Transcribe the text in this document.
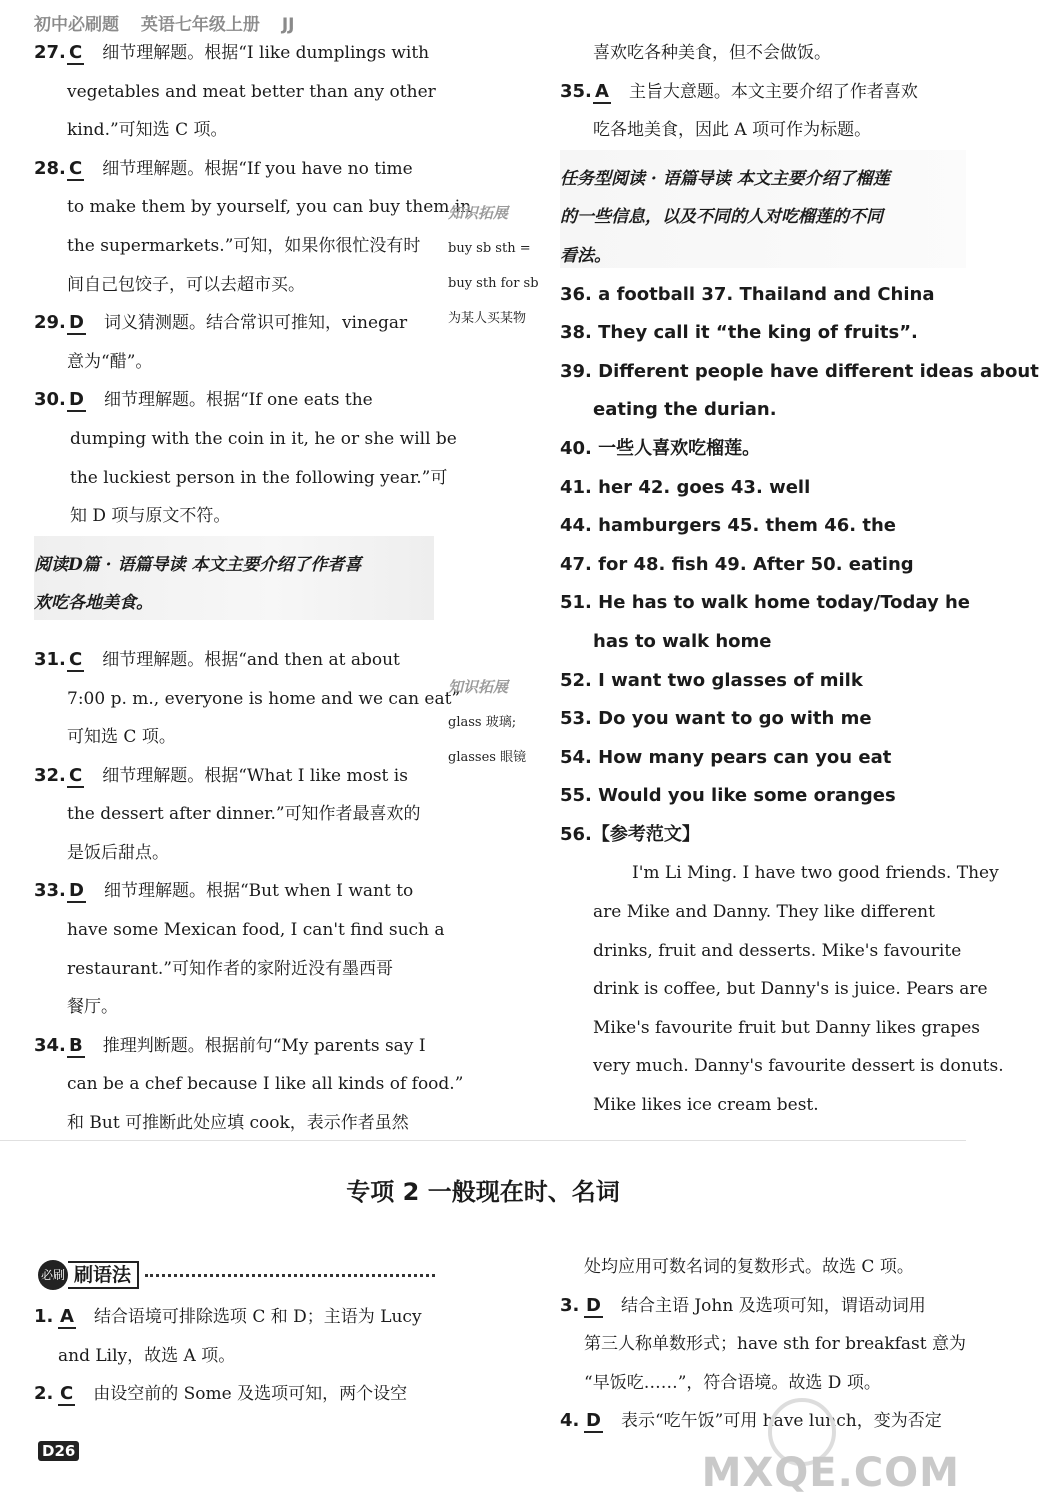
初中必刷题 英语七年级上册 JJ
27. C 细节理解题。根据“I like dumplings with
vegetables and meat better than any other
kind.”可知选 C 项。
28. C 细节理解题。根据“If you have no time
to make them by yourself, you can buy them in
the supermarkets.”可知，如果你很忙没有时
间自己包饺子，可以去超市买。
29. D 词义猜测题。结合常识可推知，vinegar
意为“醋”。
30. D 细节理解题。根据“If one eats the
dumping with the coin in it, he or she will be
the luckiest person in the following year.”可
知 D 项与原文不符。
阅读D篇 · 语篇导读 本文主要介绍了作者喜
欢吃各地美食。
31. C 细节理解题。根据“and then at about
7:00 p. m., everyone is home and we can eat”
可知选 C 项。
32. C 细节理解题。根据“What I like most is
the dessert after dinner.”可知作者最喜欢的
是饭后甜点。
33. D 细节理解题。根据“But when I want to
have some Mexican food, I can't find such a
restaurant.”可知作者的家附近没有墨西哥
餐厅。
34. B 推理判断题。根据前句“My parents say I
can be a chef because I like all kinds of food.”
和 But 可推断此处应填 cook，表示作者虽然
知识拓展
buy sb sth =
buy sth for sb
为某人买某物
知识拓展
glass 玻璃;
glasses 眼镜
喜欢吃各种美食，但不会做饭。
35. A 主旨大意题。本文主要介绍了作者喜欢
吃各地美食，因此 A 项可作为标题。
任务型阅读 · 语篇导读 本文主要介绍了榴莲
的一些信息，以及不同的人对吃榴莲的不同
看法。
36. a football 37. Thailand and China
38. They call it “the king of fruits”.
39. Different people have different ideas about
eating the durian.
40. 一些人喜欢吃榴莲。
41. her 42. goes 43. well
44. hamburgers 45. them 46. the
47. for 48. fish 49. After 50. eating
51. He has to walk home today/Today he
has to walk home
52. I want two glasses of milk
53. Do you want to go with me
54. How many pears can you eat
55. Would you like some oranges
56.【参考范文】
I'm Li Ming. I have two good friends. They
are Mike and Danny. They like different
drinks, fruit and desserts. Mike's favourite
drink is coffee, but Danny's is juice. Pears are
Mike's favourite fruit but Danny likes grapes
very much. Danny's favourite dessert is donuts.
Mike likes ice cream best.
专项 2 一般现在时、名词
必刷 刷语法
1. A 结合语境可排除选项 C 和 D；主语为 Lucy
and Lily，故选 A 项。
2. C 由设空前的 Some 及选项可知，两个设空
处均应用可数名词的复数形式。故选 C 项。
3. D 结合主语 John 及选项可知，谓语动词用
第三人称单数形式；have sth for breakfast 意为
“早饭吃……”，符合语境。故选 D 项。
4. D 表示“吃午饭”可用 have lunch，变为否定
D26	MXQE.COM
